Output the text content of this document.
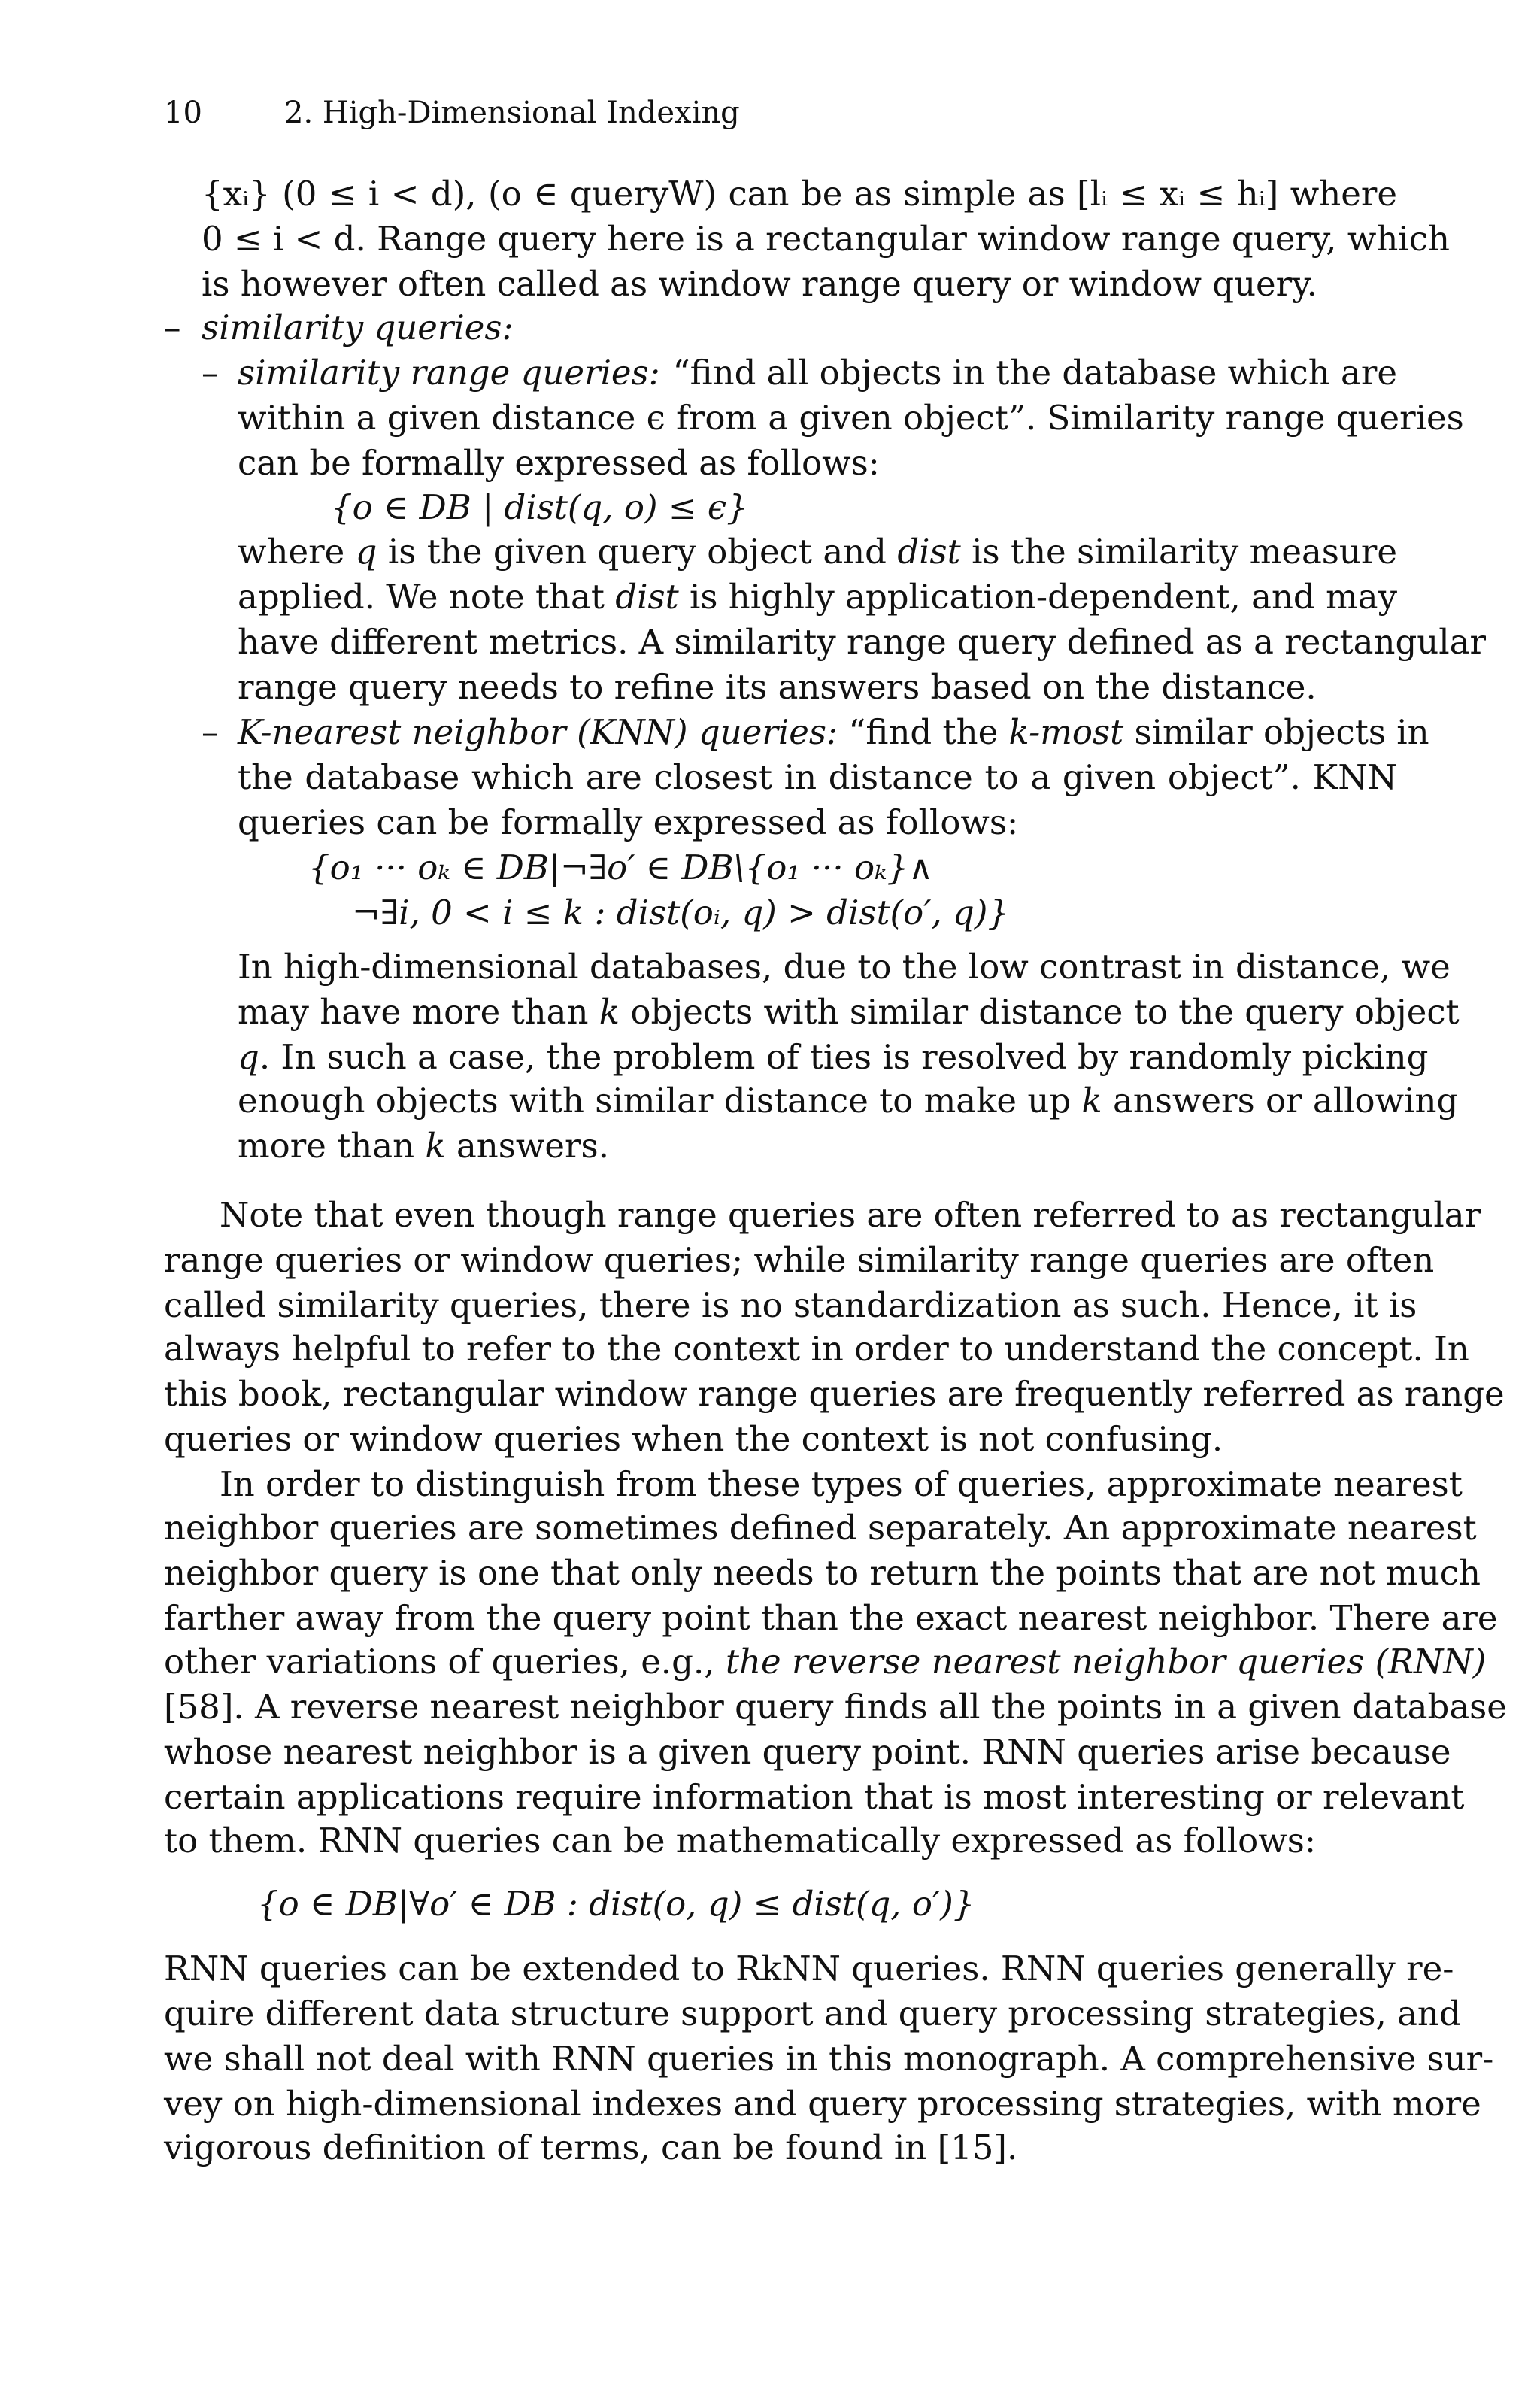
10	2. High-Dimensional Indexing
{xᵢ} (0 ≤ i < d), (o ∈ queryW) can be as simple as [lᵢ ≤ xᵢ ≤ hᵢ] where
0 ≤ i < d. Range query here is a rectangular window range query, which
is however often called as window range query or window query.
– similarity queries:
– similarity range queries: “find all objects in the database which are
within a given distance ϵ from a given object”. Similarity range queries
can be formally expressed as follows:
{o ∈ DB | dist(q, o) ≤ ϵ}
where q is the given query object and dist is the similarity measure
applied. We note that dist is highly application-dependent, and may
have different metrics. A similarity range query defined as a rectangular
range query needs to refine its answers based on the distance.
– K-nearest neighbor (KNN) queries: “find the k-most similar objects in
the database which are closest in distance to a given object”. KNN
queries can be formally expressed as follows:
{o₁ ··· oₖ ∈ DB|¬∃o′ ∈ DB\{o₁ ··· oₖ}∧
¬∃i, 0 < i ≤ k : dist(oᵢ, q) > dist(o′, q)}
In high-dimensional databases, due to the low contrast in distance, we
may have more than k objects with similar distance to the query object
q. In such a case, the problem of ties is resolved by randomly picking
enough objects with similar distance to make up k answers or allowing
more than k answers.
Note that even though range queries are often referred to as rectangular
range queries or window queries; while similarity range queries are often
called similarity queries, there is no standardization as such. Hence, it is
always helpful to refer to the context in order to understand the concept. In
this book, rectangular window range queries are frequently referred as range
queries or window queries when the context is not confusing.
In order to distinguish from these types of queries, approximate nearest
neighbor queries are sometimes defined separately. An approximate nearest
neighbor query is one that only needs to return the points that are not much
farther away from the query point than the exact nearest neighbor. There are
other variations of queries, e.g., the reverse nearest neighbor queries (RNN)
[58]. A reverse nearest neighbor query finds all the points in a given database
whose nearest neighbor is a given query point. RNN queries arise because
certain applications require information that is most interesting or relevant
to them. RNN queries can be mathematically expressed as follows:
{o ∈ DB|∀o′ ∈ DB : dist(o, q) ≤ dist(q, o′)}
RNN queries can be extended to RkNN queries. RNN queries generally re-
quire different data structure support and query processing strategies, and
we shall not deal with RNN queries in this monograph. A comprehensive sur-
vey on high-dimensional indexes and query processing strategies, with more
vigorous definition of terms, can be found in [15].
